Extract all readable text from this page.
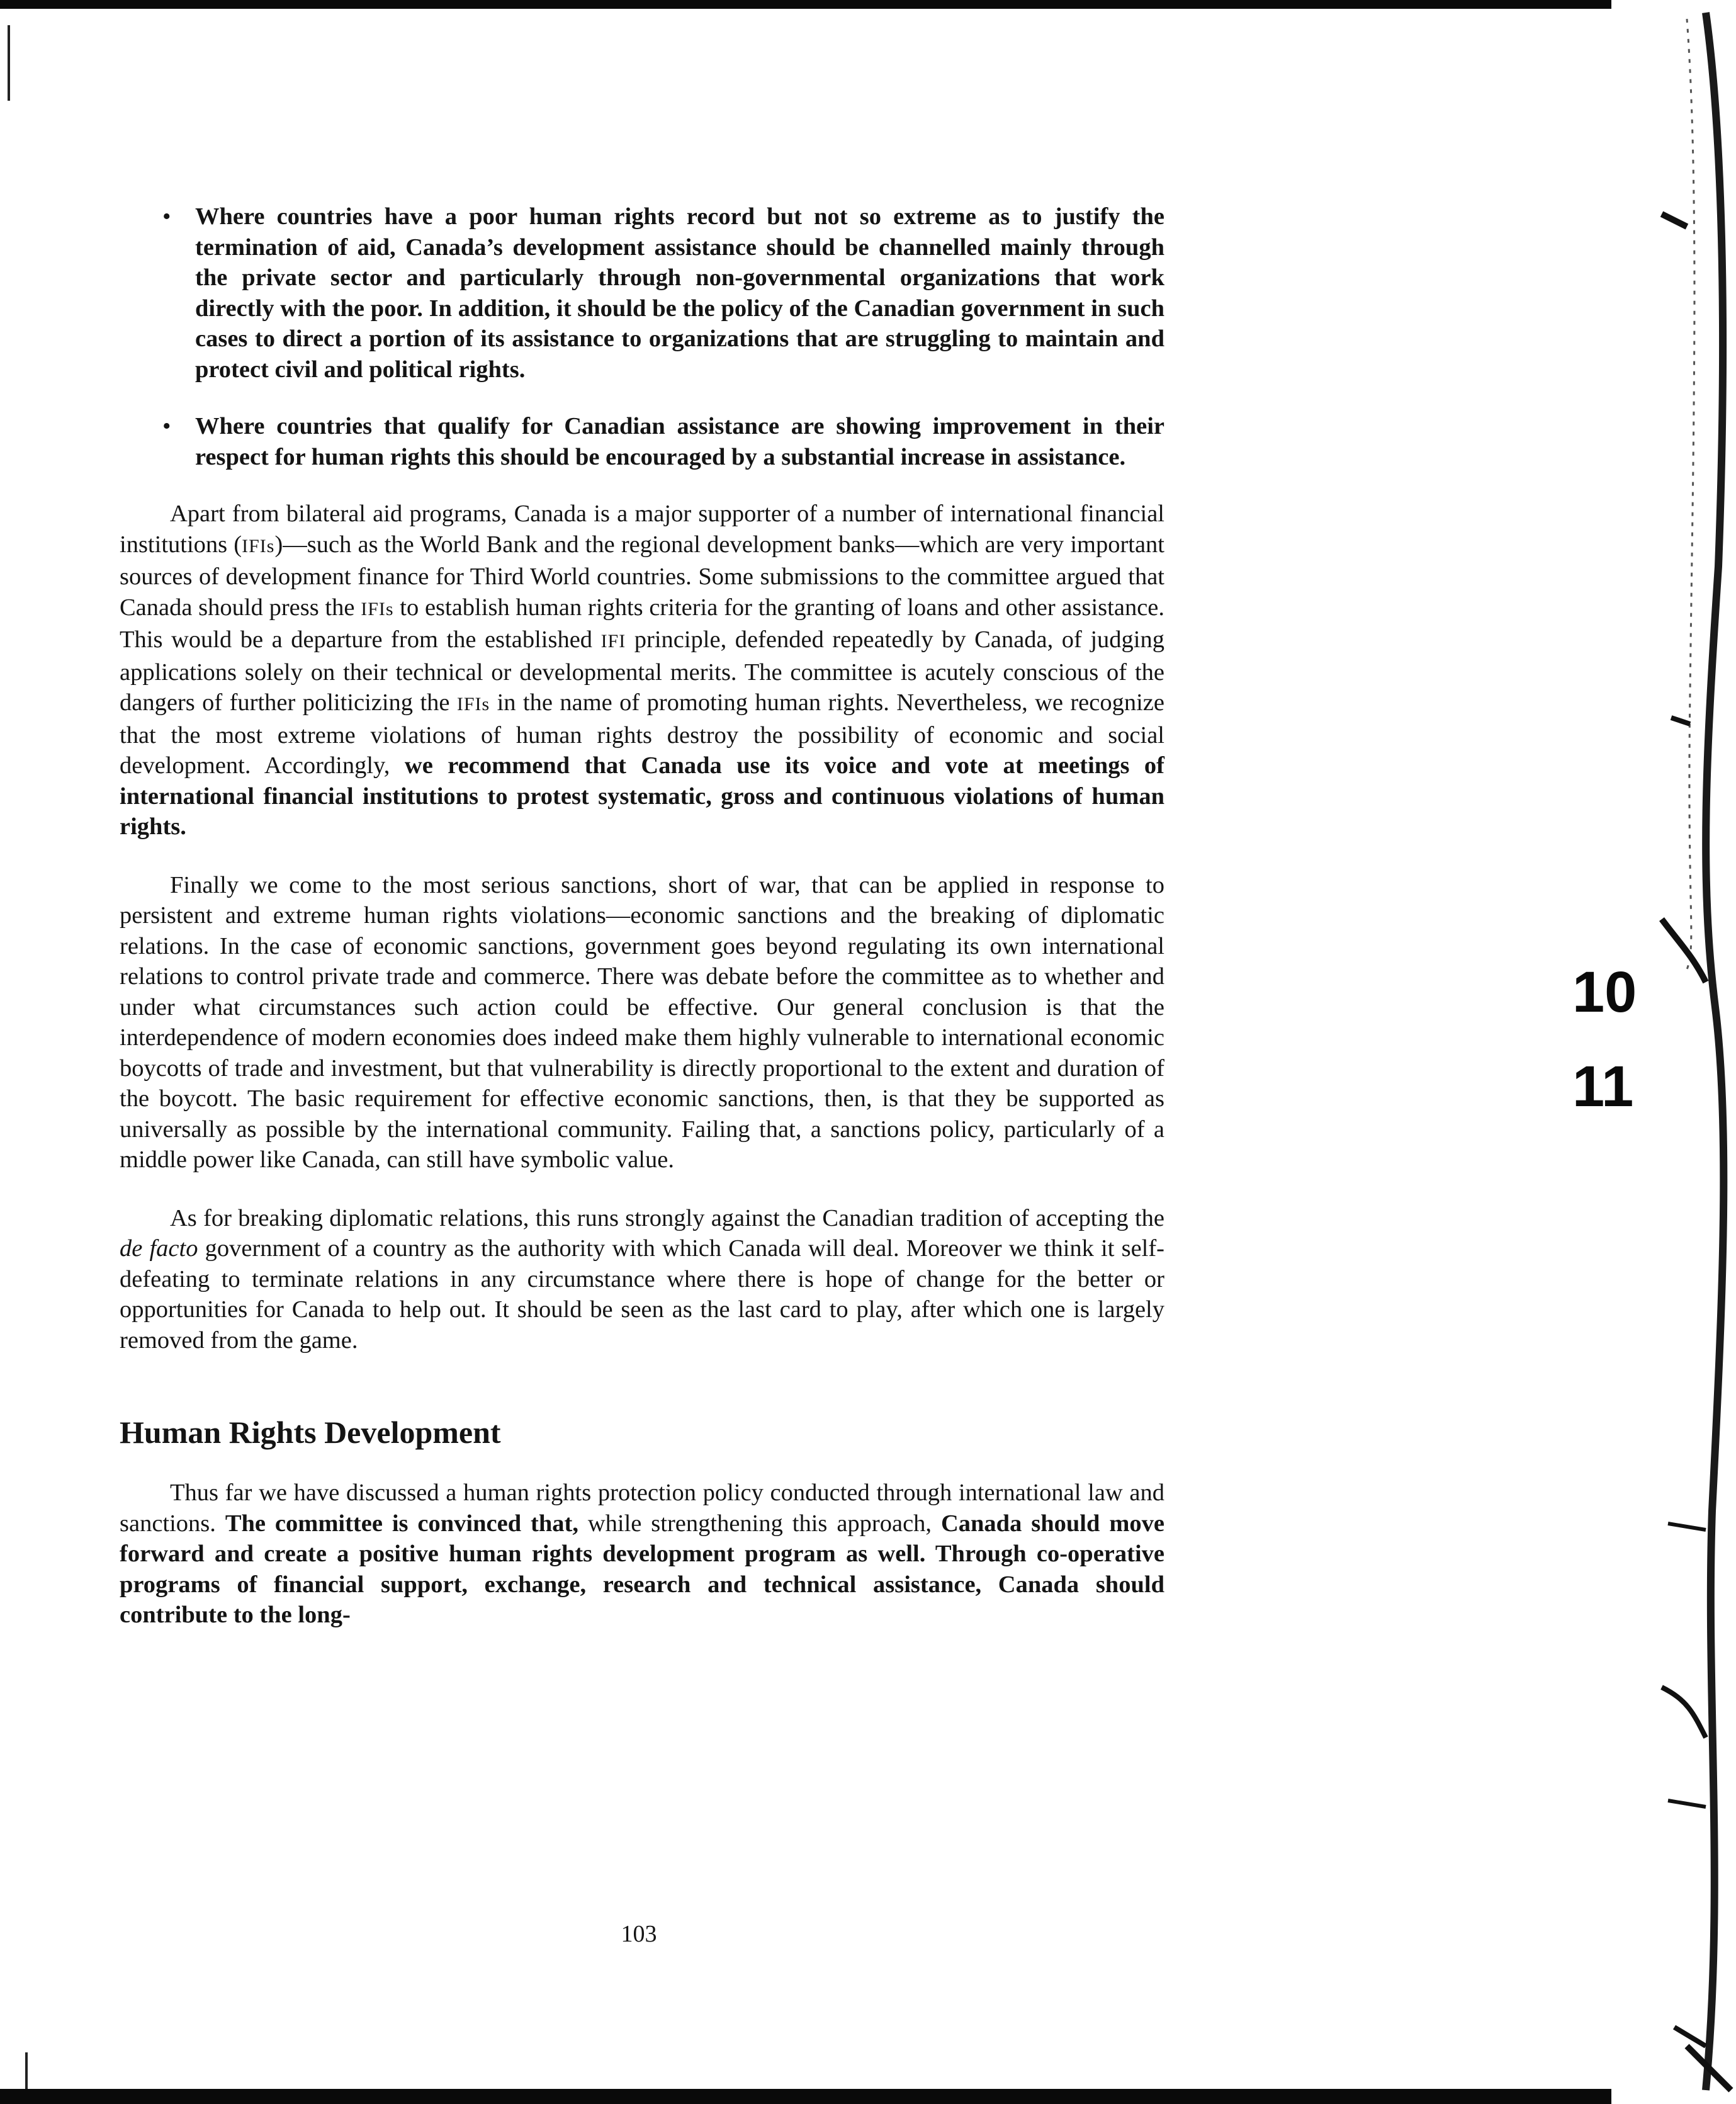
10
11
• Where countries have a poor human rights record but not so extreme as to justify the termination of aid, Canada’s development assistance should be channelled mainly through the private sector and particularly through non-governmental organizations that work directly with the poor. In addition, it should be the policy of the Canadian government in such cases to direct a portion of its assistance to organizations that are struggling to maintain and protect civil and political rights.
• Where countries that qualify for Canadian assistance are showing improvement in their respect for human rights this should be encouraged by a substantial increase in assistance.

Apart from bilateral aid programs, Canada is a major supporter of a number of international financial institutions (IFIs)—such as the World Bank and the regional development banks—which are very important sources of development finance for Third World countries. Some submissions to the committee argued that Canada should press the IFIs to establish human rights criteria for the granting of loans and other assistance. This would be a departure from the established IFI principle, defended repeatedly by Canada, of judging applications solely on their technical or developmental merits. The committee is acutely conscious of the dangers of further politicizing the IFIs in the name of promoting human rights. Nevertheless, we recognize that the most extreme violations of human rights destroy the possibility of economic and social development. Accordingly, we recommend that Canada use its voice and vote at meetings of international financial institutions to protest systematic, gross and continuous violations of human rights.

Finally we come to the most serious sanctions, short of war, that can be applied in response to persistent and extreme human rights violations—economic sanctions and the breaking of diplomatic relations. In the case of economic sanctions, government goes beyond regulating its own international relations to control private trade and commerce. There was debate before the committee as to whether and under what circumstances such action could be effective. Our general conclusion is that the interdependence of modern economies does indeed make them highly vulnerable to international economic boycotts of trade and investment, but that vulnerability is directly proportional to the extent and duration of the boycott. The basic requirement for effective economic sanctions, then, is that they be supported as universally as possible by the international community. Failing that, a sanctions policy, particularly of a middle power like Canada, can still have symbolic value.

As for breaking diplomatic relations, this runs strongly against the Canadian tradition of accepting the de facto government of a country as the authority with which Canada will deal. Moreover we think it self-defeating to terminate relations in any circumstance where there is hope of change for the better or opportunities for Canada to help out. It should be seen as the last card to play, after which one is largely removed from the game.

Human Rights Development

Thus far we have discussed a human rights protection policy conducted through international law and sanctions. The committee is convinced that, while strengthening this approach, Canada should move forward and create a positive human rights development program as well. Through co-operative programs of financial support, exchange, research and technical assistance, Canada should contribute to the long-

103
